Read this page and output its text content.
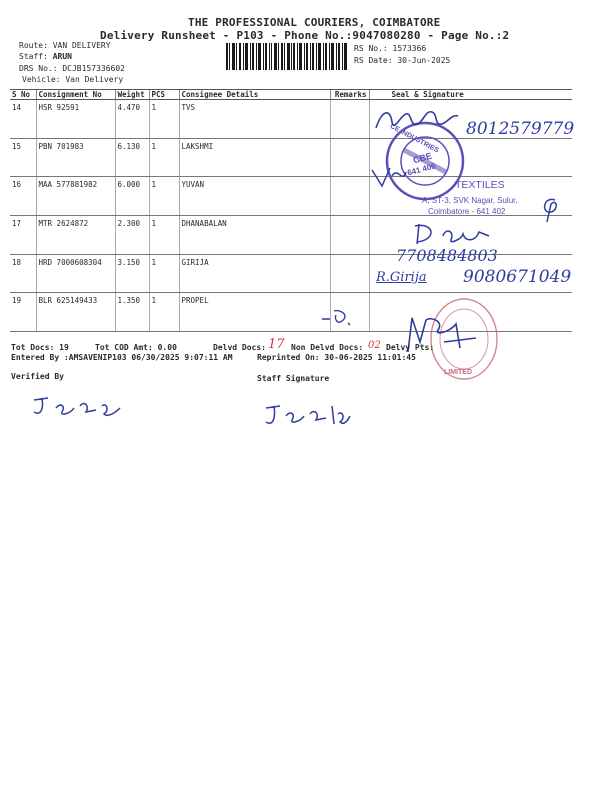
THE PROFESSIONAL COURIERS, COIMBATORE
Delivery Runsheet - P103 - Phone No.:9047080280 - Page No.:2
Route: VAN DELIVERY
Staff: ARUN
DRS No.: DCJB157336602
Vehicle: Van Delivery
RS No.: 1573366
RS Date: 30-Jun-2025
S No	Consignment No	Weight	PCS	Consignee Details	Remarks	Seal & Signature
14	HSR 92591	4.470	1	TVS		
15	PBN 701983	6.130	1	LAKSHMI		
16	MAA 577881982	6.000	1	YUVAN		
17	MTR 2624872	2.300	1	DHANABALAN		
18	HRD 7000608304	3.150	1	GIRIJA		
19	BLR 625149433	1.350	1	PROPEL		
CE INDUSTRIES
CBE
641 406
8012579779
TEXTILES
A, ST-3, SVK Nagar, Sulur,
Coimbatore - 641 402
7708484803
R.Girija 9080671049
LIMITED
Tot Docs: 19	Tot COD Amt: 0.00	Delvd Docs: 17 Non Delvd Docs: 02 Delvy Pts:
Entered By :AMSAVENIP103 06/30/2025 9:07:11 AM	Reprinted On: 30-06-2025 11:01:45
Verified By	Staff Signature
